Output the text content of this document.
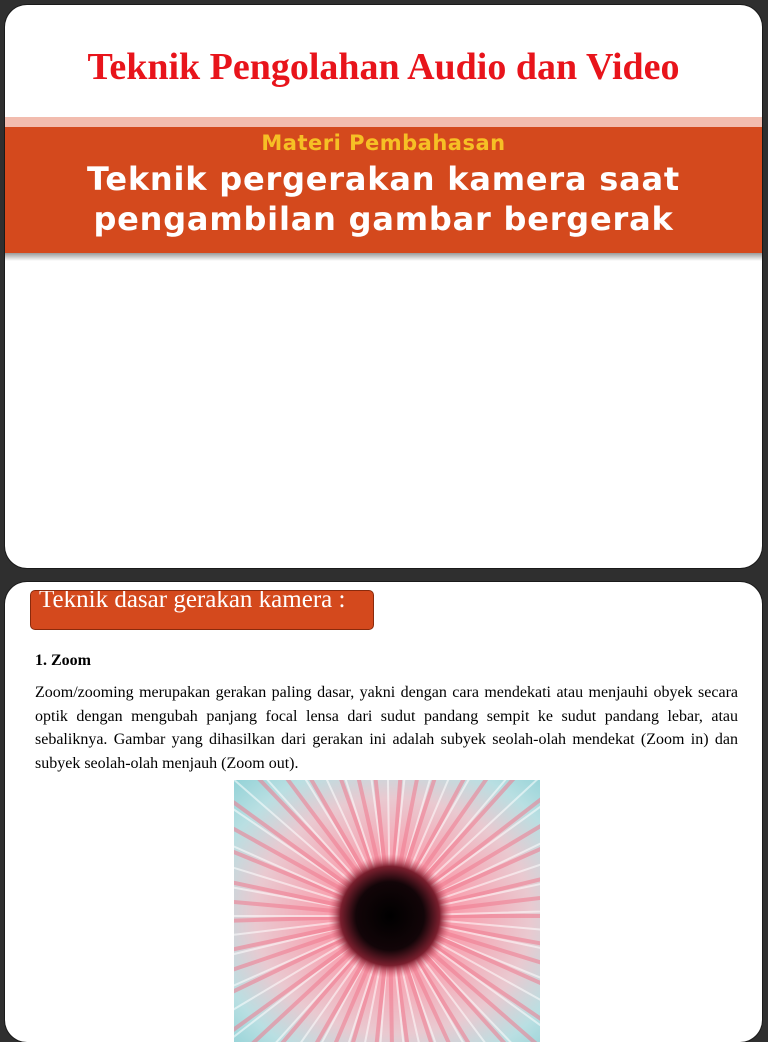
Teknik Pengolahan Audio dan Video

Materi Pembahasan

Teknik pergerakan kamera saat
pengambilan gambar bergerak

Teknik dasar gerakan kamera :

1. Zoom

Zoom/zooming merupakan gerakan paling dasar, yakni dengan cara mendekati atau menjauhi obyek secara optik dengan mengubah panjang focal lensa dari sudut pandang sempit ke sudut pandang lebar, atau sebaliknya. Gambar yang dihasilkan dari gerakan ini adalah subyek seolah-olah mendekat (Zoom in) dan subyek seolah-olah menjauh (Zoom out).
